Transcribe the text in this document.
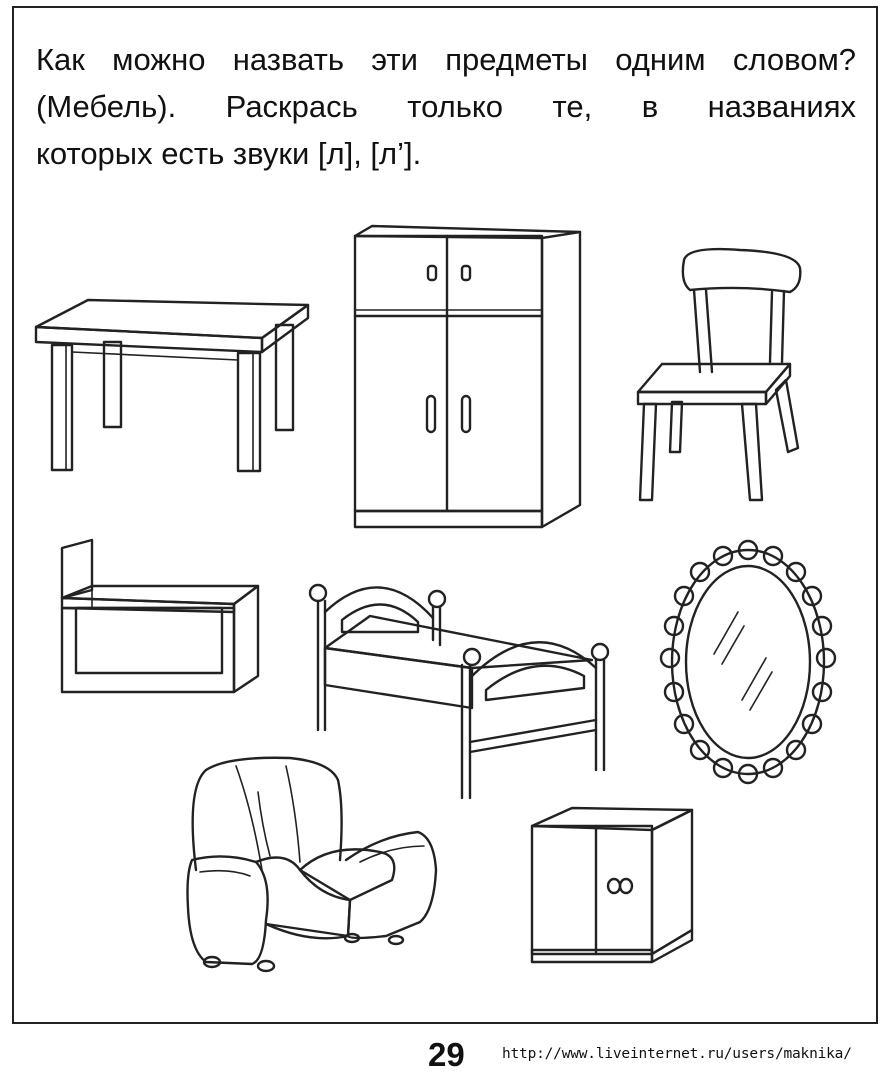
Как можно назвать эти предметы одним словом?
(Мебель). Раскрась только те, в названиях
которых есть звуки [л], [л’].

29	http://www.liveinternet.ru/users/maknika/
